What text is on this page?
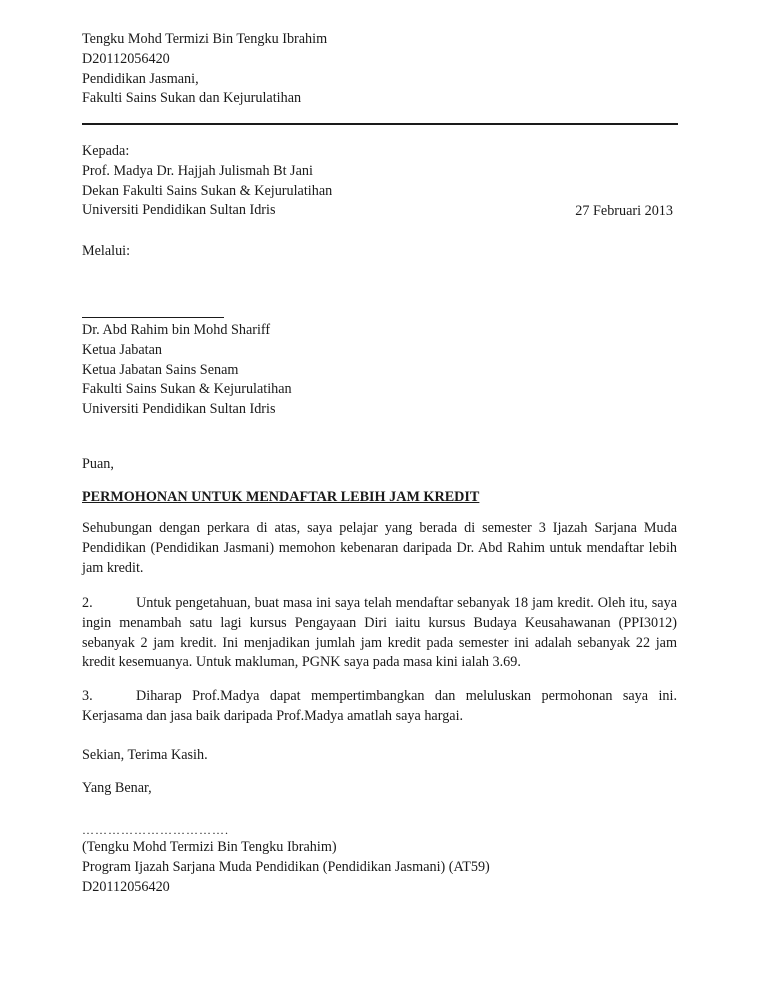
Tengku Mohd Termizi Bin Tengku Ibrahim
D20112056420
Pendidikan Jasmani,
Fakulti Sains Sukan dan Kejurulatihan
Kepada:
Prof. Madya Dr. Hajjah Julismah Bt Jani
Dekan Fakulti Sains Sukan & Kejurulatihan
Universiti Pendidikan Sultan Idris	27 Februari 2013
Melalui:
Dr. Abd Rahim bin Mohd Shariff
Ketua Jabatan
Ketua Jabatan Sains Senam
Fakulti Sains Sukan & Kejurulatihan
Universiti Pendidikan Sultan Idris
Puan,
PERMOHONAN UNTUK MENDAFTAR LEBIH JAM KREDIT
Sehubungan dengan perkara di atas, saya pelajar yang berada di semester 3 Ijazah Sarjana Muda Pendidikan (Pendidikan Jasmani) memohon kebenaran daripada Dr. Abd Rahim untuk mendaftar lebih jam kredit.
2.	Untuk pengetahuan, buat masa ini saya telah mendaftar sebanyak 18 jam kredit. Oleh itu, saya ingin menambah satu lagi kursus Pengayaan Diri iaitu kursus Budaya Keusahawanan (PPI3012) sebanyak 2 jam kredit. Ini menjadikan jumlah jam kredit pada semester ini adalah sebanyak 22 jam kredit kesemuanya. Untuk makluman, PGNK saya pada masa kini ialah 3.69.
3.	Diharap Prof.Madya dapat mempertimbangkan dan meluluskan permohonan saya ini. Kerjasama dan jasa baik daripada Prof.Madya amatlah saya hargai.
Sekian, Terima Kasih.
Yang Benar,
…………………………….
(Tengku Mohd Termizi Bin Tengku Ibrahim)
Program Ijazah Sarjana Muda Pendidikan (Pendidikan Jasmani) (AT59)
D20112056420
